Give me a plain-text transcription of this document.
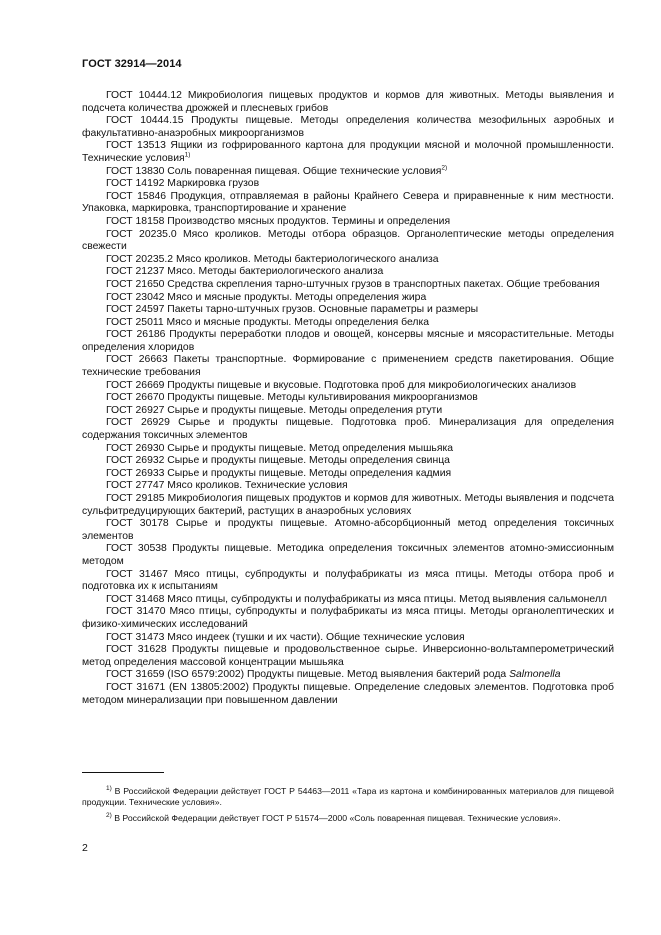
ГОСТ 32914—2014

ГОСТ 10444.12 Микробиология пищевых продуктов и кормов для животных. Методы выявления и подсчета количества дрожжей и плесневых грибов

ГОСТ 10444.15 Продукты пищевые. Методы определения количества мезофильных аэробных и факультативно-анаэробных микроорганизмов

ГОСТ 13513 Ящики из гофрированного картона для продукции мясной и молочной промышленности. Технические условия$^{1)}$

ГОСТ 13830 Соль поваренная пищевая. Общие технические условия$^{2)}$

ГОСТ 14192 Маркировка грузов

ГОСТ 15846 Продукция, отправляемая в районы Крайнего Севера и приравненные к ним местности. Упаковка, маркировка, транспортирование и хранение

ГОСТ 18158 Производство мясных продуктов. Термины и определения

ГОСТ 20235.0 Мясо кроликов. Методы отбора образцов. Органолептические методы определения свежести

ГОСТ 20235.2 Мясо кроликов. Методы бактериологического анализа

ГОСТ 21237 Мясо. Методы бактериологического анализа

ГОСТ 21650 Средства скрепления тарно-штучных грузов в транспортных пакетах. Общие требования

ГОСТ 23042 Мясо и мясные продукты. Методы определения жира

ГОСТ 24597 Пакеты тарно-штучных грузов. Основные параметры и размеры

ГОСТ 25011 Мясо и мясные продукты. Методы определения белка

ГОСТ 26186 Продукты переработки плодов и овощей, консервы мясные и мясорастительные. Методы определения хлоридов

ГОСТ 26663 Пакеты транспортные. Формирование с применением средств пакетирования. Общие технические требования

ГОСТ 26669 Продукты пищевые и вкусовые. Подготовка проб для микробиологических анализов

ГОСТ 26670 Продукты пищевые. Методы культивирования микроорганизмов

ГОСТ 26927 Сырье и продукты пищевые. Методы определения ртути

ГОСТ 26929 Сырье и продукты пищевые. Подготовка проб. Минерализация для определения содержания токсичных элементов

ГОСТ 26930 Сырье и продукты пищевые. Метод определения мышьяка

ГОСТ 26932 Сырье и продукты пищевые. Методы определения свинца

ГОСТ 26933 Сырье и продукты пищевые. Методы определения кадмия

ГОСТ 27747 Мясо кроликов. Технические условия

ГОСТ 29185 Микробиология пищевых продуктов и кормов для животных. Методы выявления и подсчета сульфитредуцирующих бактерий, растущих в анаэробных условиях

ГОСТ 30178 Сырье и продукты пищевые. Атомно-абсорбционный метод определения токсичных элементов

ГОСТ 30538 Продукты пищевые. Методика определения токсичных элементов атомно-эмиссионным методом

ГОСТ 31467 Мясо птицы, субпродукты и полуфабрикаты из мяса птицы. Методы отбора проб и подготовка их к испытаниям

ГОСТ 31468 Мясо птицы, субпродукты и полуфабрикаты из мяса птицы. Метод выявления сальмонелл

ГОСТ 31470 Мясо птицы, субпродукты и полуфабрикаты из мяса птицы. Методы органолептических и физико-химических исследований

ГОСТ 31473 Мясо индеек (тушки и их части). Общие технические условия

ГОСТ 31628 Продукты пищевые и продовольственное сырье. Инверсионно-вольтамперометрический метод определения массовой концентрации мышьяка

ГОСТ 31659 (ISO 6579:2002) Продукты пищевые. Метод выявления бактерий рода Salmonella

ГОСТ 31671 (EN 13805:2002) Продукты пищевые. Определение следовых элементов. Подготовка проб методом минерализации при повышенном давлении

$^{1)}$ В Российской Федерации действует ГОСТ Р 54463—2011 «Тара из картона и комбинированных материалов для пищевой продукции. Технические условия».

$^{2)}$ В Российской Федерации действует ГОСТ Р 51574—2000 «Соль поваренная пищевая. Технические условия».

2
